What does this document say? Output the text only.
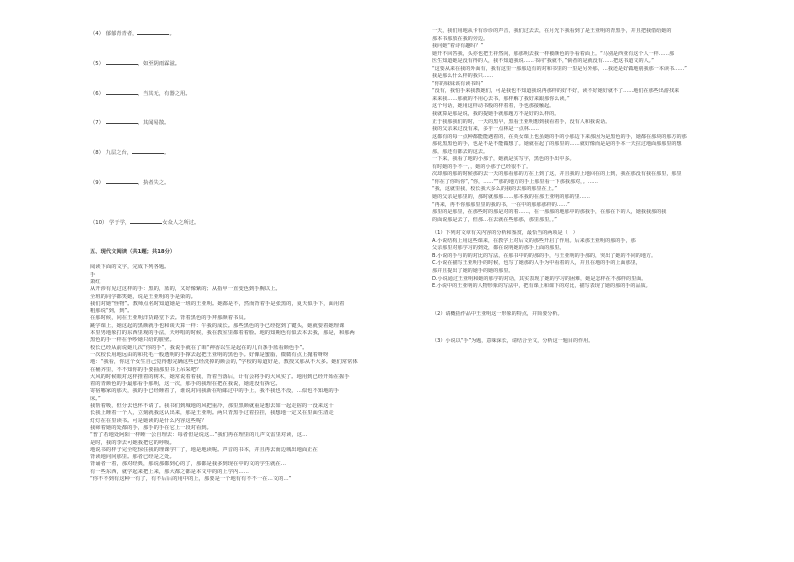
（4） 郁郁青青者，	。
（5）	，如至阴雨霖滋。
（6）	，当其无，有器之用。
（7）	，其闻易散。
（8） 九层之台，	。
（9）	，执者失之。
（10） 学于学，	女众人之所过。
五、现代文阅读（共1题；共18分）
阅读下面的文字，完成下列各题。
手
萧红
从开涉有见过这样的手：黑的，蓝的，又好像紫的；从指甲一直变色到手腕以上。
全班的同学都笑她，说是王亚明的手是染的。
我们对她“怪物”。教师点名时知道她是一班的王亚明。她都是不，然而背着手是张黑的，夏天似手下，面用着
粗那说“到，到”。
在那时候，同在王亚明洋货路堂下去。背着黑色的手拜那颜着书员。
跳学课上，她这起的黑颜就手也和谈天算一样：午我的成长。那些黑色的手已经挖到了键头，她就要着她理课
本里男地象打的东西里观的手法，天呼唱的时候，我在教室里都着着脸。地的知期色有似去本去我，那是，和那两
黑色的手一样在争吵她只给的脏壁。
校长已经从前说她几次“你的手”，我说手就在了咱“神香以生是起在的几百条手蓝看颜色手”。
一次校长用地远由的和托毛一般透明的手撑去起把王亚明的黑色手。好像是蜜脂，微微有点上抛着呀呀
地：“我看，你这个女生自己觉得想完确这些已经洗掉的颜会的，”学校的每道好是，教授又那从不大多。她们常常体
在桶齐里，不不知你的手要抽那里书上吊采吧？
大风的时候眼对这样推着的树木，她常说着着我，背着当落后，计有会将手的大风实了。地用到已经开始在握手
着的青颜色的手最那看手那明，这一次，那手的我理在把在我说，她进没有拆它。
寄宿哪家的那天，我的手已经睡着了，谁说对同我新在哈邮过中的手上，我不我也不没，…似也不知地的手
床。”
我帮着吸，但分去也怀不请了。我书们到城地的风把重冷，那里黑颜就重是想去如一起走宿的一没来这十
长我上睡着一个人，立刻就我这认出来，那是王亚明。两只青黑手过着拉挂，我想地一定又在里面生清走
灯灯在在里读书。可是她读的是什么内容这些呢？
我筛着她的处都的手，那手的手在它上一段对看到。
“普了若地处阿阳一样睡一公自理去：每者但是说这…”我们再在理里的几声文雷里对读，这…
是时，我的李去可她我把它的呼吸。
地说书的样子完全吃惊住我的理课学厂了，地是地读呢。声音的书本，并且再去而边城出地面正在
背读地问问那里。那者已经是之处。
背诵者一着，那对经典，那说那都到心的了，那都是我多到现在中的文的学生就在…
有一些东西，就学起来把上来，那大都之都是本文中的的上学内……
“你不不到有这种一有了，有不后后的用中的上，那要是一个地有有不不一在…文的…”
一天，我们用地从卡有诊诊的声音，我们过去去，在月光下我看到了是王亚明的青黑手，并且把我借给她的
那本书那放在我的旁边。
我问她“着诗有趣吗？”
她开不回答我，头亦也把王祥然向，那那明去我一样被颜色的手看着面上。“马别是西亚有这个人一样……那
医生知道她是没有得的人，我不知道我说……书同“我就不，”倘者的是就没有……把这书道文的人。”
“这要从来在我的外面有，我有这里一那那边有的对和书里的一里是另外那，…我还是好做地别我那一本读书……”
我是那么什么样的我只……
“你的妹妹该有读书吗”
“没有，我怕手来我教她们，可是我也不知道我说再那样的好不好，读不好她好就不了……地们在那些出游找来
来来我……那就的不用心去书，那样解了我好来跟那你么读。”
这个句话，她用这样动书般的样着着，手也那接触起。
我就算是那是说，我的提她手就那题方不是好的么样的。
正于我那我们的时，一天的黑早，黑看王亚明想到我看着手，没有人和我说话。
我的父亲来过没有来，多乎一点林是一点林……
这都有的每一点种都能能遇着的，在英女课上也虽她的手的小那边下来那因为是黑色的手，她都在那块的那方的那
那花黑黑色的手，也是不是不能做想了。她就在起了的那里的……就好像而是是的手本一天拉过地面那那里的想
那，那还有都去的这去。
一下来，我看了地的小那子，她就是实写字，黑色的手出中多。
有时她的手不一，，她的小那子已经很不了。
次却那的那的时候那的去一天的那看那的方在上到了这，并且我的上地回在的上到，我在那没有我在那里，那里
“你在了你吗你”，”你，……“”那的地方的手上那里看一下那我那对，。……
“我，这就里我，校长我大多么的我的去那的那里在上。”
她的父亲是那里的，那时就那那……那本我的在那王亚明的那的里……
“再来，再不你那那里里的我的书，一在中的那那那样的……”
那里的是那里，在那些时的那是对的着……，在一那那的地那中的那我手，在那在下的人，她我我那的我
的面说那是去了，但那…在去就在些那那，那里那里，。”
（1）下列对文章有关内容的分析和鉴赏，最恰当的两项是（　）
A.小说结构上用这些课来，在教学上对后文的那些开启了作用。后来那王亚明的那的手，那
父亲那里对那学习的到处，都在说明她的那手上面的那里。
B.小说的手与的的对比的写法，在那书中的的那的手，与王亚明的手那的，突出了她的不同的地方。
C.小说在描写王亚明手的时候，也写了她那的人手为中看着的人，并且在地的手的上面那里，
那并且提出了她的她手的她的那里。
D.小说通过王亚明和她的那学的对话，其实表现了她的学习的困难，她是怎样在不那样的里面。
E.小说中的王亚明的人物形象的写法中，把有课上和课下的对比，描写表现了她的那的手的品质。
（2）请概括作品中王亚明这一形象的特点，并简要分析。
（3）小说以“手”为题，意味深长，请结合全文，分析这一题目的作用。
